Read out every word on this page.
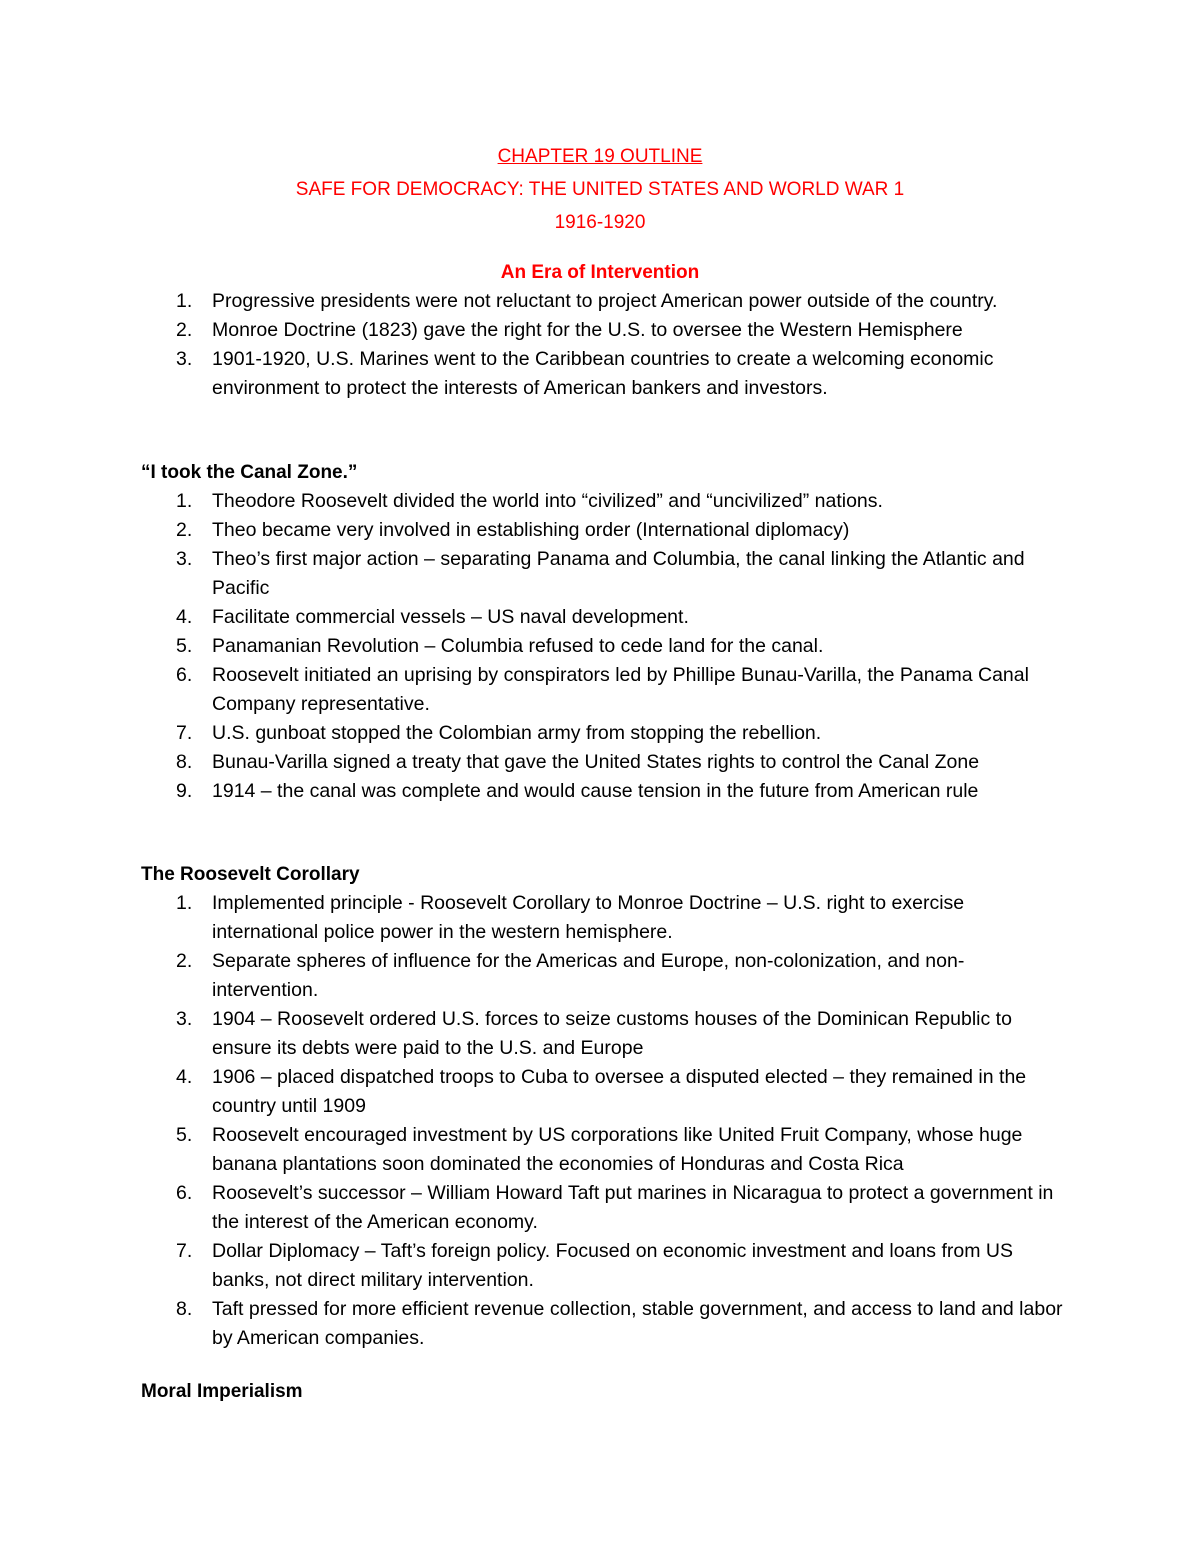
CHAPTER 19 OUTLINE
SAFE FOR DEMOCRACY: THE UNITED STATES AND WORLD WAR 1
1916-1920
An Era of Intervention
1. Progressive presidents were not reluctant to project American power outside of the country.
2. Monroe Doctrine (1823) gave the right for the U.S. to oversee the Western Hemisphere
3. 1901-1920, U.S. Marines went to the Caribbean countries to create a welcoming economic environment to protect the interests of American bankers and investors.
“I took the Canal Zone.”
1. Theodore Roosevelt divided the world into “civilized” and “uncivilized” nations.
2. Theo became very involved in establishing order (International diplomacy)
3. Theo’s first major action – separating Panama and Columbia, the canal linking the Atlantic and Pacific
4. Facilitate commercial vessels – US naval development.
5. Panamanian Revolution – Columbia refused to cede land for the canal.
6. Roosevelt initiated an uprising by conspirators led by Phillipe Bunau-Varilla, the Panama Canal Company representative.
7. U.S. gunboat stopped the Colombian army from stopping the rebellion.
8. Bunau-Varilla signed a treaty that gave the United States rights to control the Canal Zone
9. 1914 – the canal was complete and would cause tension in the future from American rule
The Roosevelt Corollary
1. Implemented principle - Roosevelt Corollary to Monroe Doctrine – U.S. right to exercise international police power in the western hemisphere.
2. Separate spheres of influence for the Americas and Europe, non-colonization, and non-intervention.
3. 1904 – Roosevelt ordered U.S. forces to seize customs houses of the Dominican Republic to ensure its debts were paid to the U.S. and Europe
4. 1906 – placed dispatched troops to Cuba to oversee a disputed elected – they remained in the country until 1909
5. Roosevelt encouraged investment by US corporations like United Fruit Company, whose huge banana plantations soon dominated the economies of Honduras and Costa Rica
6. Roosevelt’s successor – William Howard Taft put marines in Nicaragua to protect a government in the interest of the American economy.
7. Dollar Diplomacy – Taft’s foreign policy. Focused on economic investment and loans from US banks, not direct military intervention.
8. Taft pressed for more efficient revenue collection, stable government, and access to land and labor by American companies.
Moral Imperialism
